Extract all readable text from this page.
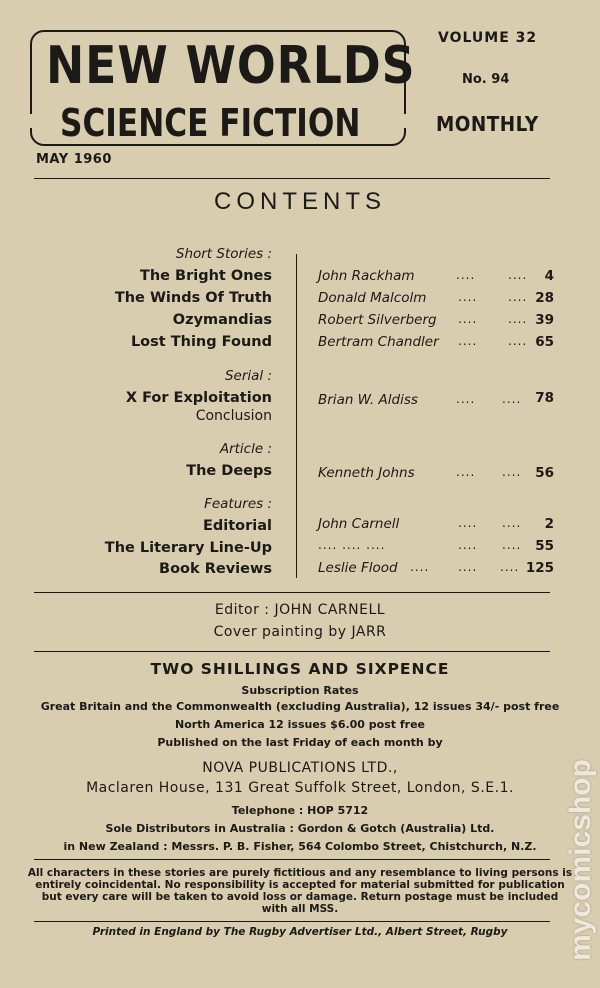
NEW WORLDS
SCIENCE FICTION
VOLUME 32
No. 94
MONTHLY
MAY 1960
CONTENTS
Short Stories :
Serial :
Article :
Features :
The Bright Ones	John Rackham	....	.... 4
The Winds Of Truth	Donald Malcolm	....	.... 28
Ozymandias	Robert Silverberg ....	.... 39
Lost Thing Found	Bertram Chandler ....	.... 65
X For Exploitation
Conclusion
Brian W. Aldiss	.... .... 78
The Deeps	Kenneth Johns	.... .... 56
Editorial	John Carnell	.... .... 2
The Literary Line-Up	.... .... ....	.... .... 55
Book Reviews	Leslie Flood .... .... .... 125
Editor : JOHN CARNELL
Cover painting by JARR
TWO SHILLINGS AND SIXPENCE
Subscription Rates
Great Britain and the Commonwealth (excluding Australia), 12 issues 34/- post free
North America 12 issues $6.00 post free
Published on the last Friday of each month by
NOVA PUBLICATIONS LTD.,
Maclaren House, 131 Great Suffolk Street, London, S.E.1.
Telephone : HOP 5712
Sole Distributors in Australia : Gordon & Gotch (Australia) Ltd.
in New Zealand : Messrs. P. B. Fisher, 564 Colombo Street, Chistchurch, N.Z.
All characters in these stories are purely fictitious and any resemblance to living persons is
entirely coincidental. No responsibility is accepted for material submitted for publication
but every care will be taken to avoid loss or damage. Return postage must be included
with all MSS.
Printed in England by The Rugby Advertiser Ltd., Albert Street, Rugby	mycomicshop
